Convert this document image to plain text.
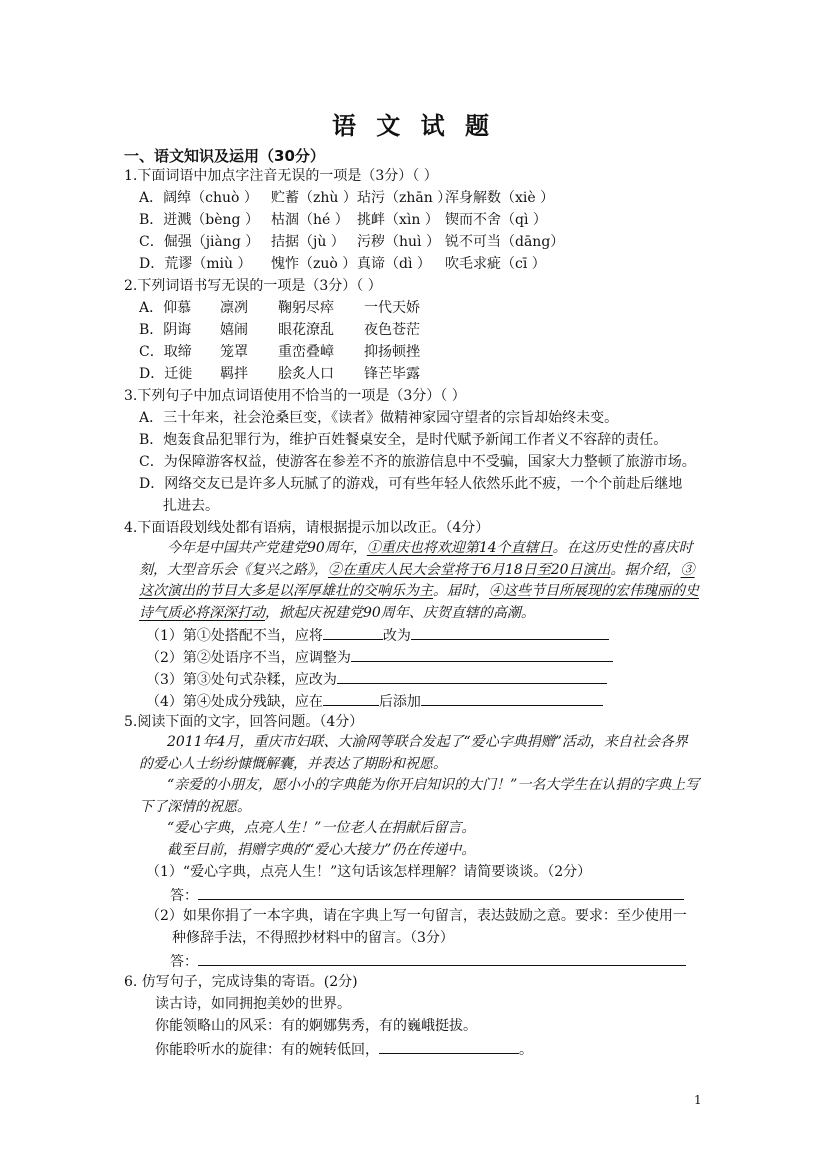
语 文 试 题
一、语文知识及运用（30分）
1.下面词语中加点字注音无误的一项是（3分）（ ）
A．阔绰（chuò ） 贮蓄（zhù ）玷污（zhān ）浑身解数（xiè ）
B．迸溅（bèng ） 枯涸（hé ） 挑衅（xìn ） 锲而不舍（qì ）
C．倔强（jiàng ） 拮据（jù ） 污秽（huì ） 锐不可当（dāng）
D．荒谬（miù ） 愧怍（zuò ）真谛（dì ） 吹毛求疵（cī ）
2.下列词语书写无误的一项是（3分）（ ）
A．仰慕 凛冽 鞠躬尽瘁 一代天娇
B．阴诲 嬉闹 眼花潦乱 夜色苍茫
C．取缔 笼罩 重峦叠嶂 抑扬顿挫
D．迁徙 羁拌 脍炙人口 锋芒毕露
3.下列句子中加点词语使用不恰当的一项是（3分）（ ）
A．三十年来，社会沧桑巨变，《读者》做精神家园守望者的宗旨却始终未变。
B．炮轰食品犯罪行为，维护百姓餐桌安全，是时代赋予新闻工作者义不容辞的责任。
C．为保障游客权益，使游客在参差不齐的旅游信息中不受骗，国家大力整顿了旅游市场。
D．网络交友已是许多人玩腻了的游戏，可有些年轻人依然乐此不疲，一个个前赴后继地
扎进去。
4.下面语段划线处都有语病，请根据提示加以改正。（4分）
今年是中国共产党建党90周年，①重庆也将欢迎第14个直辖日。在这历史性的喜庆时刻，大型音乐会《复兴之路》，②在重庆人民大会堂将于6月18日至20日演出。据介绍，③这次演出的节目大多是以浑厚雄壮的交响乐为主。届时，④这些节目所展现的宏伟瑰丽的史诗气质必将深深打动，掀起庆祝建党90周年、庆贺直辖的高潮。
（1）第①处搭配不当，应将	改为
（2）第②处语序不当，应调整为
（3）第③处句式杂糅，应改为
（4）第④处成分残缺，应在	后添加
5.阅读下面的文字，回答问题。（4分）
2011年4月，重庆市妇联、大渝网等联合发起了“爱心字典捐赠”活动，来自社会各界的爱心人士纷纷慷慨解囊，并表达了期盼和祝愿。
“亲爱的小朋友，愿小小的字典能为你开启知识的大门！”一名大学生在认捐的字典上写下了深情的祝愿。
“爱心字典，点亮人生！”一位老人在捐献后留言。
截至目前，捐赠字典的“爱心大接力”仍在传递中。
（1）“爱心字典，点亮人生！”这句话该怎样理解？请简要谈谈。（2分）
答：
（2）如果你捐了一本字典，请在字典上写一句留言，表达鼓励之意。要求：至少使用一
种修辞手法，不得照抄材料中的留言。（3分）
答：
6. 仿写句子，完成诗集的寄语。(2分)
读古诗，如同拥抱美妙的世界。
你能领略山的风采：有的婀娜隽秀，有的巍峨挺拔。
你能聆听水的旋律：有的婉转低回，	。
1
